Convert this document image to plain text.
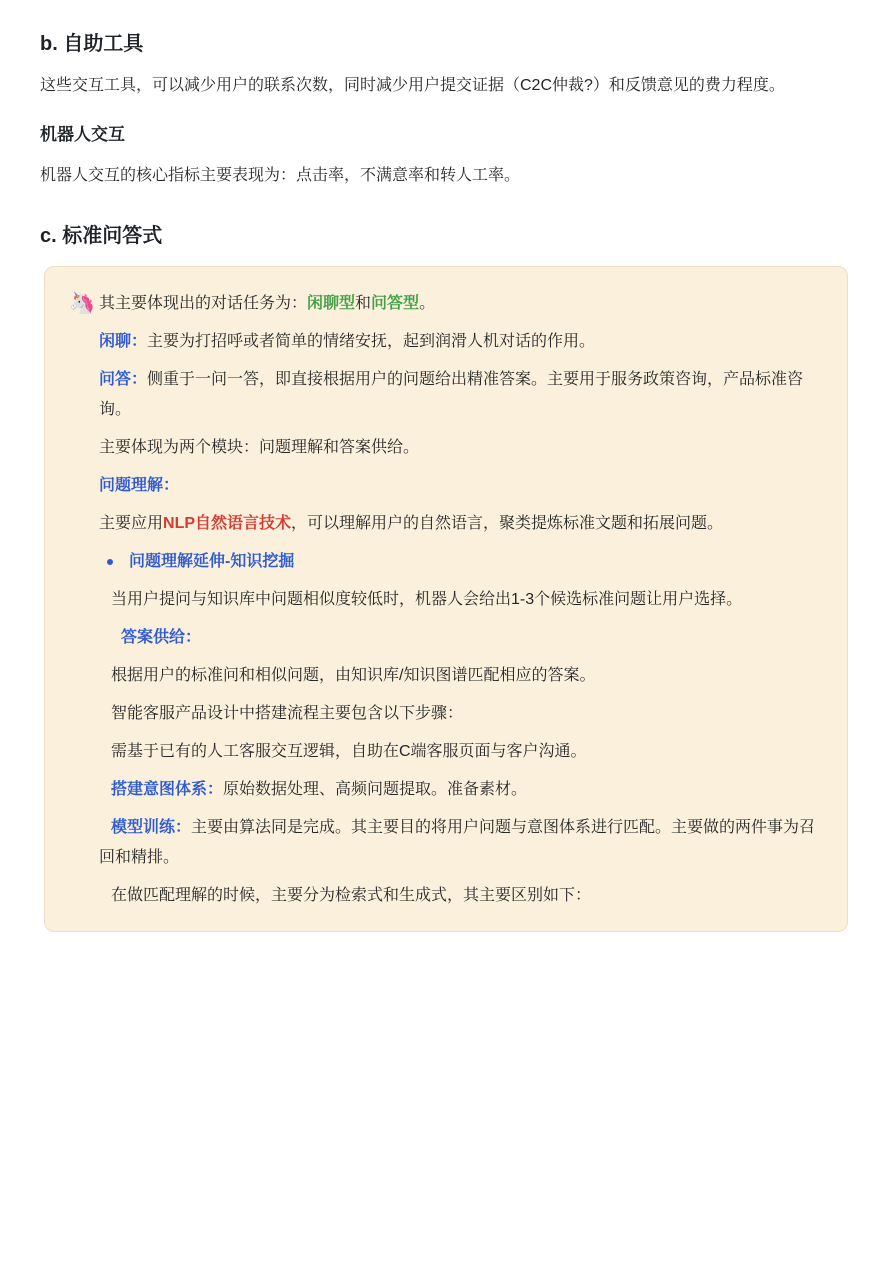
b. 自助工具
这些交互工具，可以减少用户的联系次数，同时减少用户提交证据（C2C仲裁?）和反馈意见的费力程度。
机器人交互
机器人交互的核心指标主要表现为：点击率，不满意率和转人工率。
c. 标准问答式
🦄 其主要体现出的对话任务为：闲聊型和问答型。
闲聊：主要为打招呼或者简单的情绪安抚，起到润滑人机对话的作用。
问答：侧重于一问一答，即直接根据用户的问题给出精准答案。主要用于服务政策咨询，产品标准咨询。
主要体现为两个模块：问题理解和答案供给。
问题理解：
主要应用NLP自然语言技术，可以理解用户的自然语言，聚类提炼标准文题和拓展问题。
问题理解延伸-知识挖掘
当用户提问与知识库中问题相似度较低时，机器人会给出1-3个候选标准问题让用户选择。
答案供给：
根据用户的标准问和相似问题，由知识库/知识图谱匹配相应的答案。
智能客服产品设计中搭建流程主要包含以下步骤：
需基于已有的人工客服交互逻辑，自助在C端客服页面与客户沟通。
搭建意图体系：原始数据处理、高频问题提取。准备素材。
模型训练：主要由算法同是完成。其主要目的将用户问题与意图体系进行匹配。主要做的两件事为召回和精排。
在做匹配理解的时候，主要分为检索式和生成式，其主要区别如下：
